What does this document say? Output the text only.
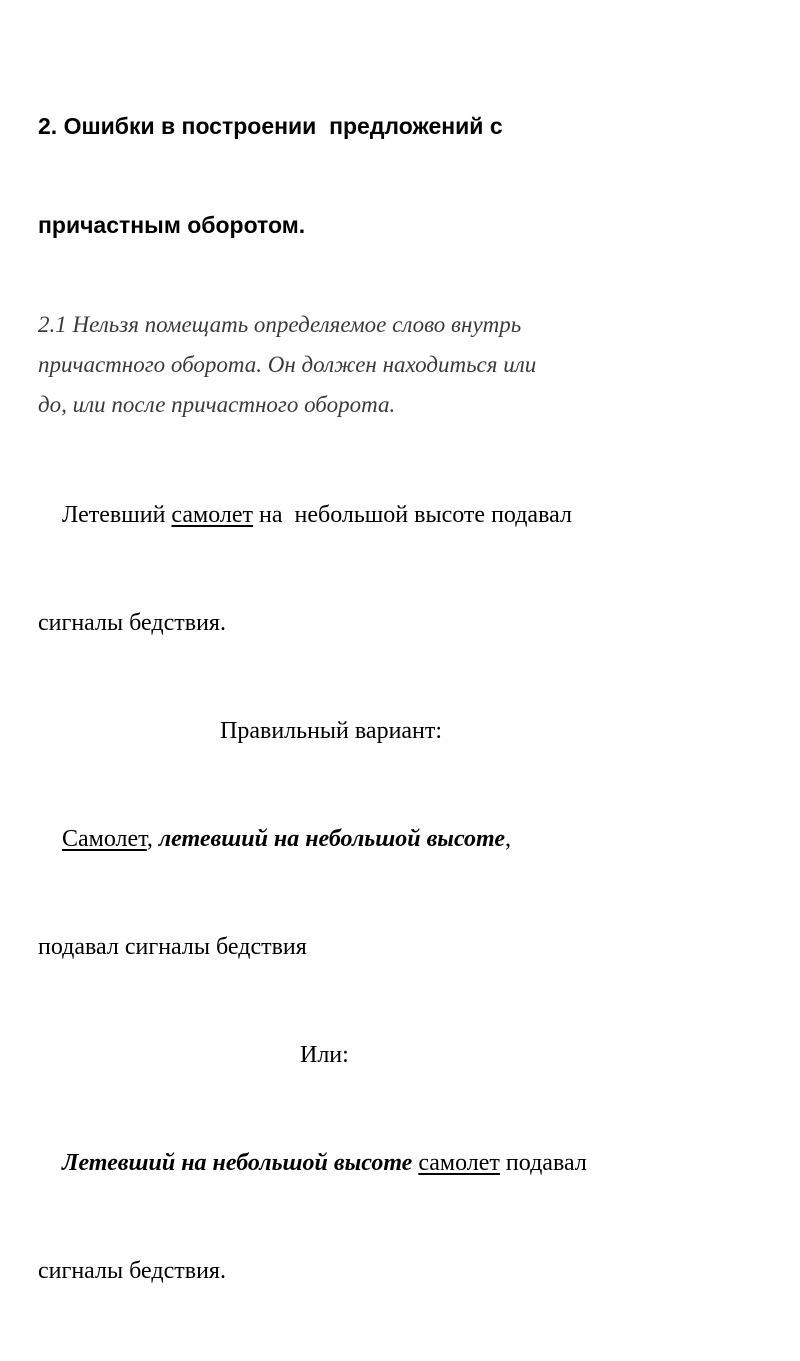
2. Ошибки в построении  предложений с

причастным оборотом.

2.1 Нельзя помещать определяемое слово внутрь
причастного оборота. Он должен находиться или
до, или после причастного оборота.

Летевший самолет на  небольшой высоте подавал

сигналы бедствия.

Правильный вариант:

Самолет, летевший на небольшой высоте,

подавал сигналы бедствия

Или:

Летевший на небольшой высоте самолет подавал

сигналы бедствия.
